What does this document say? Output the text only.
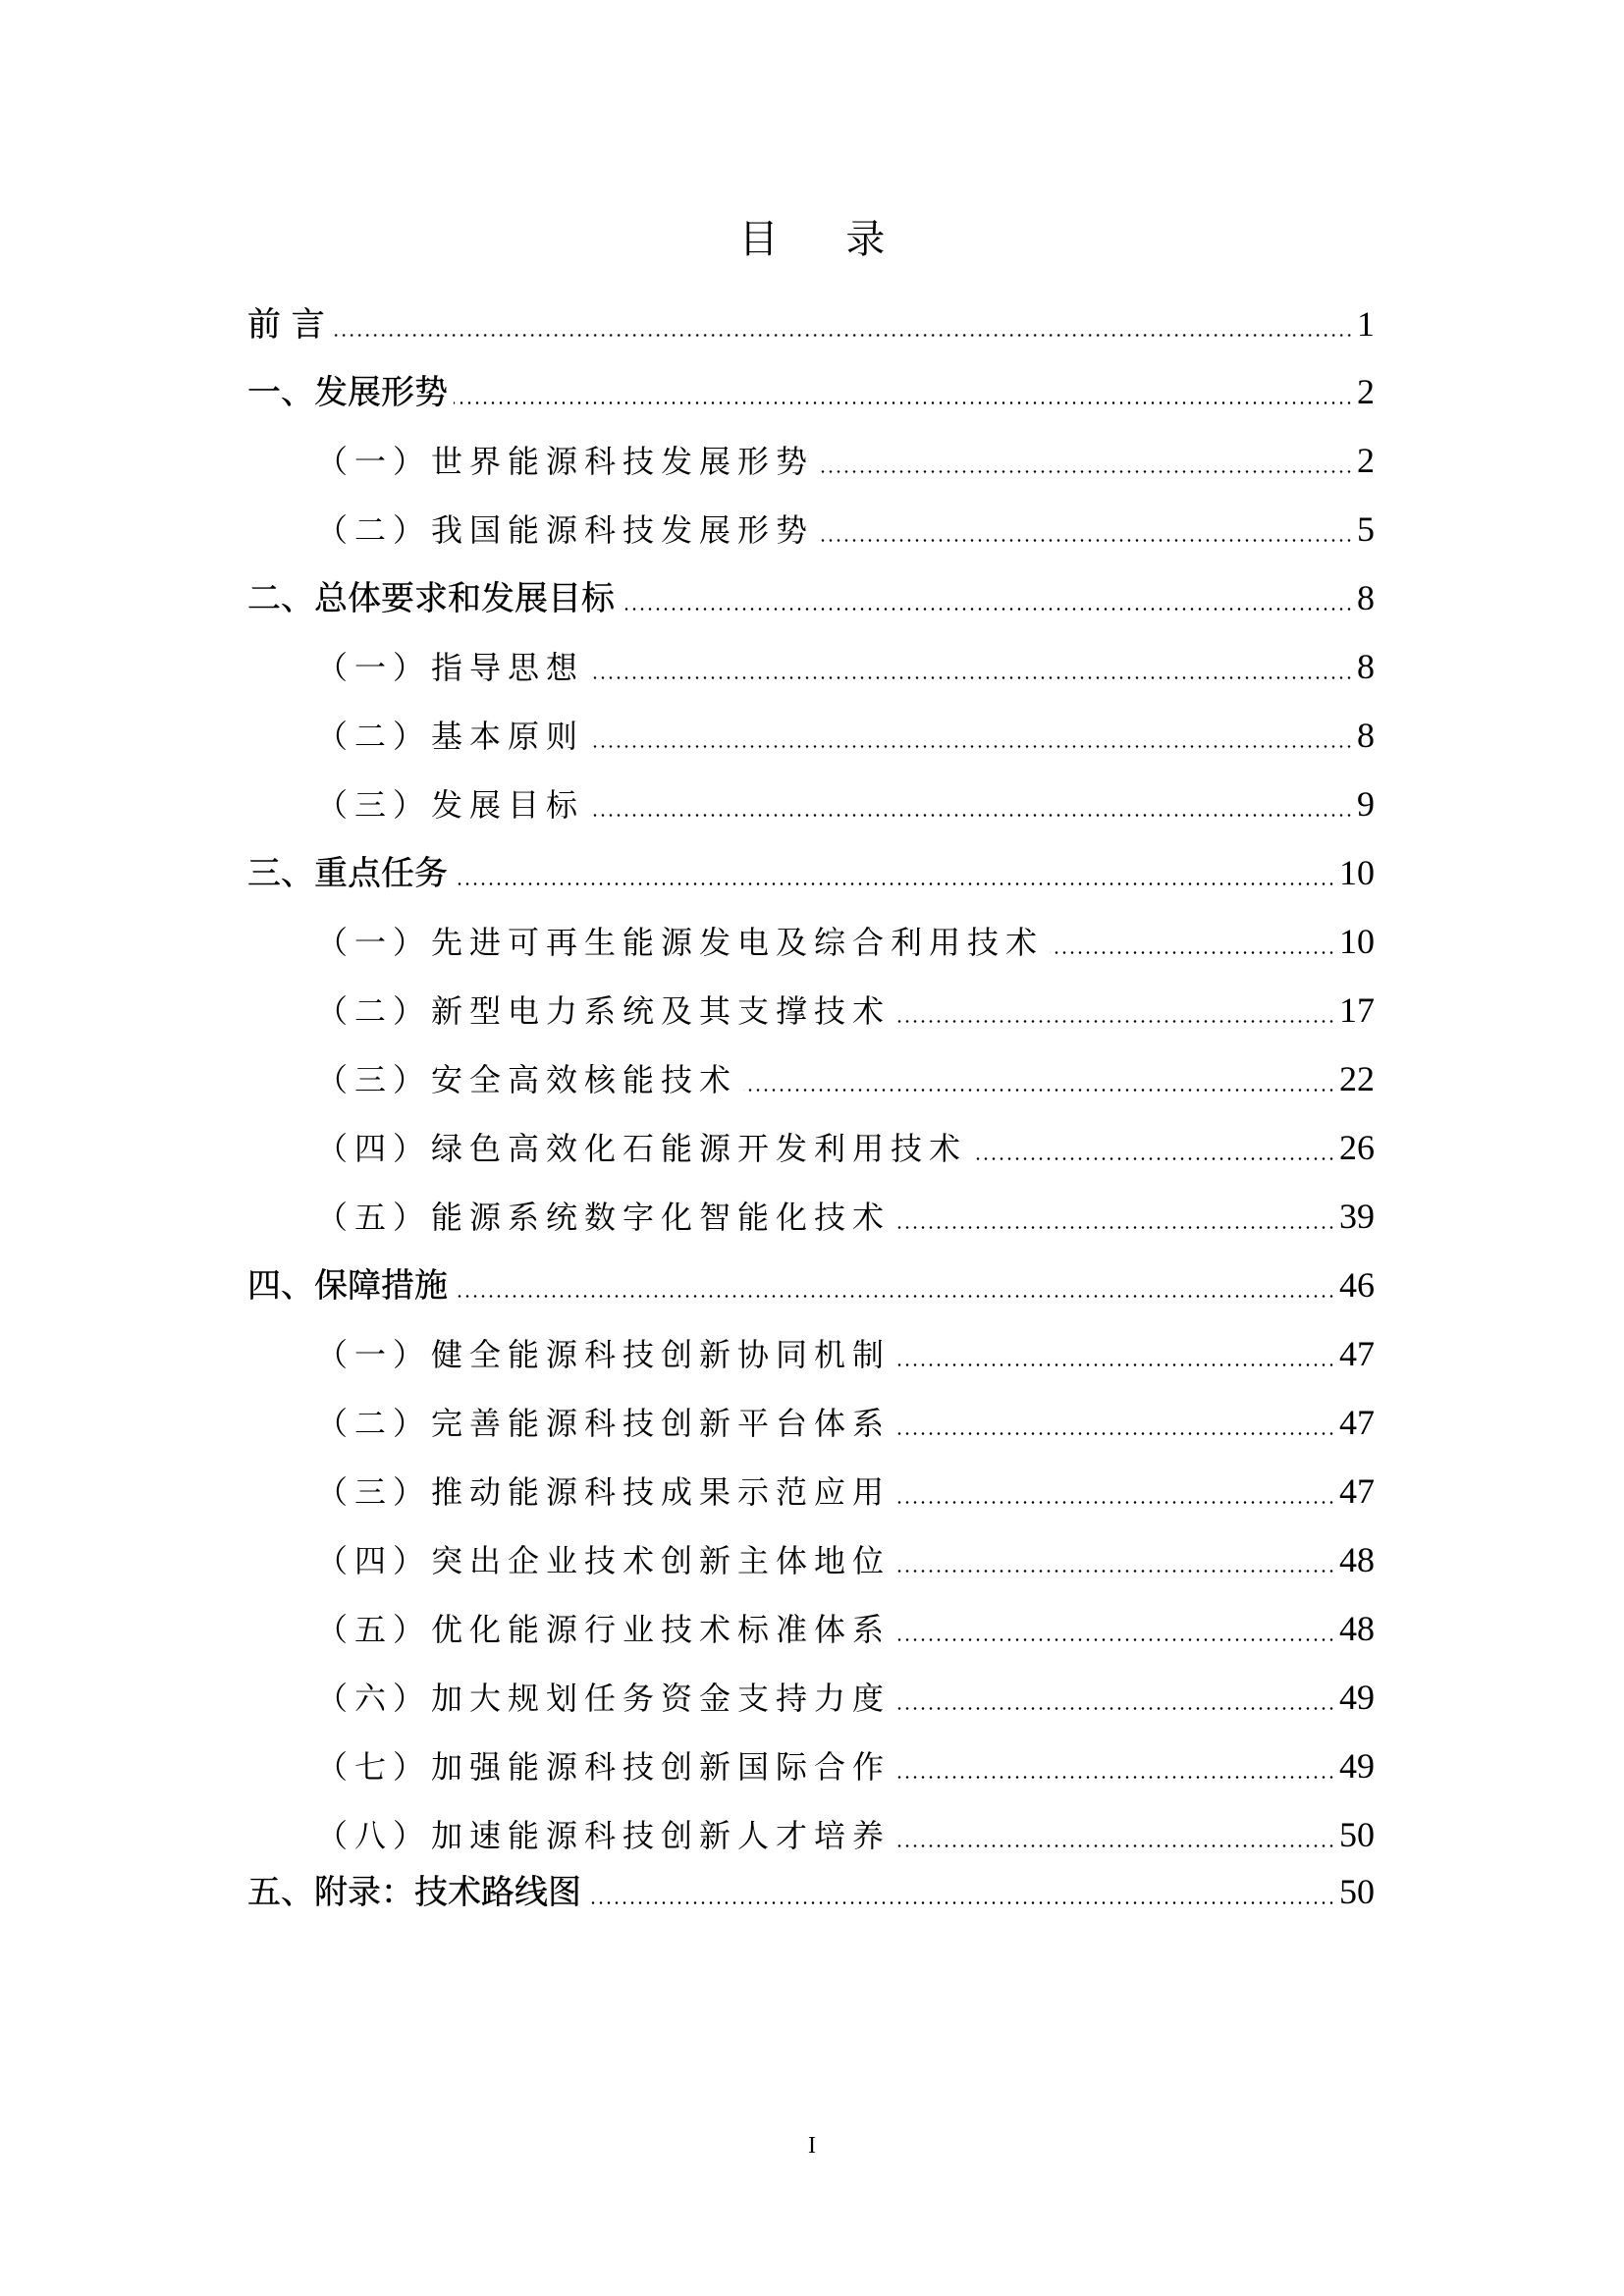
目 录
前 言	1
一、发展形势	2
（一）世界能源科技发展形势	2
（二）我国能源科技发展形势	5
二、总体要求和发展目标	8
（一）指导思想	8
（二）基本原则	8
（三）发展目标	9
三、重点任务	10
（一）先进可再生能源发电及综合利用技术	10
（二）新型电力系统及其支撑技术	17
（三）安全高效核能技术	22
（四）绿色高效化石能源开发利用技术	26
（五）能源系统数字化智能化技术	39
四、保障措施	46
（一）健全能源科技创新协同机制	47
（二）完善能源科技创新平台体系	47
（三）推动能源科技成果示范应用	47
（四）突出企业技术创新主体地位	48
（五）优化能源行业技术标准体系	48
（六）加大规划任务资金支持力度	49
（七）加强能源科技创新国际合作	49
（八）加速能源科技创新人才培养	50
五、附录：技术路线图	50
I
